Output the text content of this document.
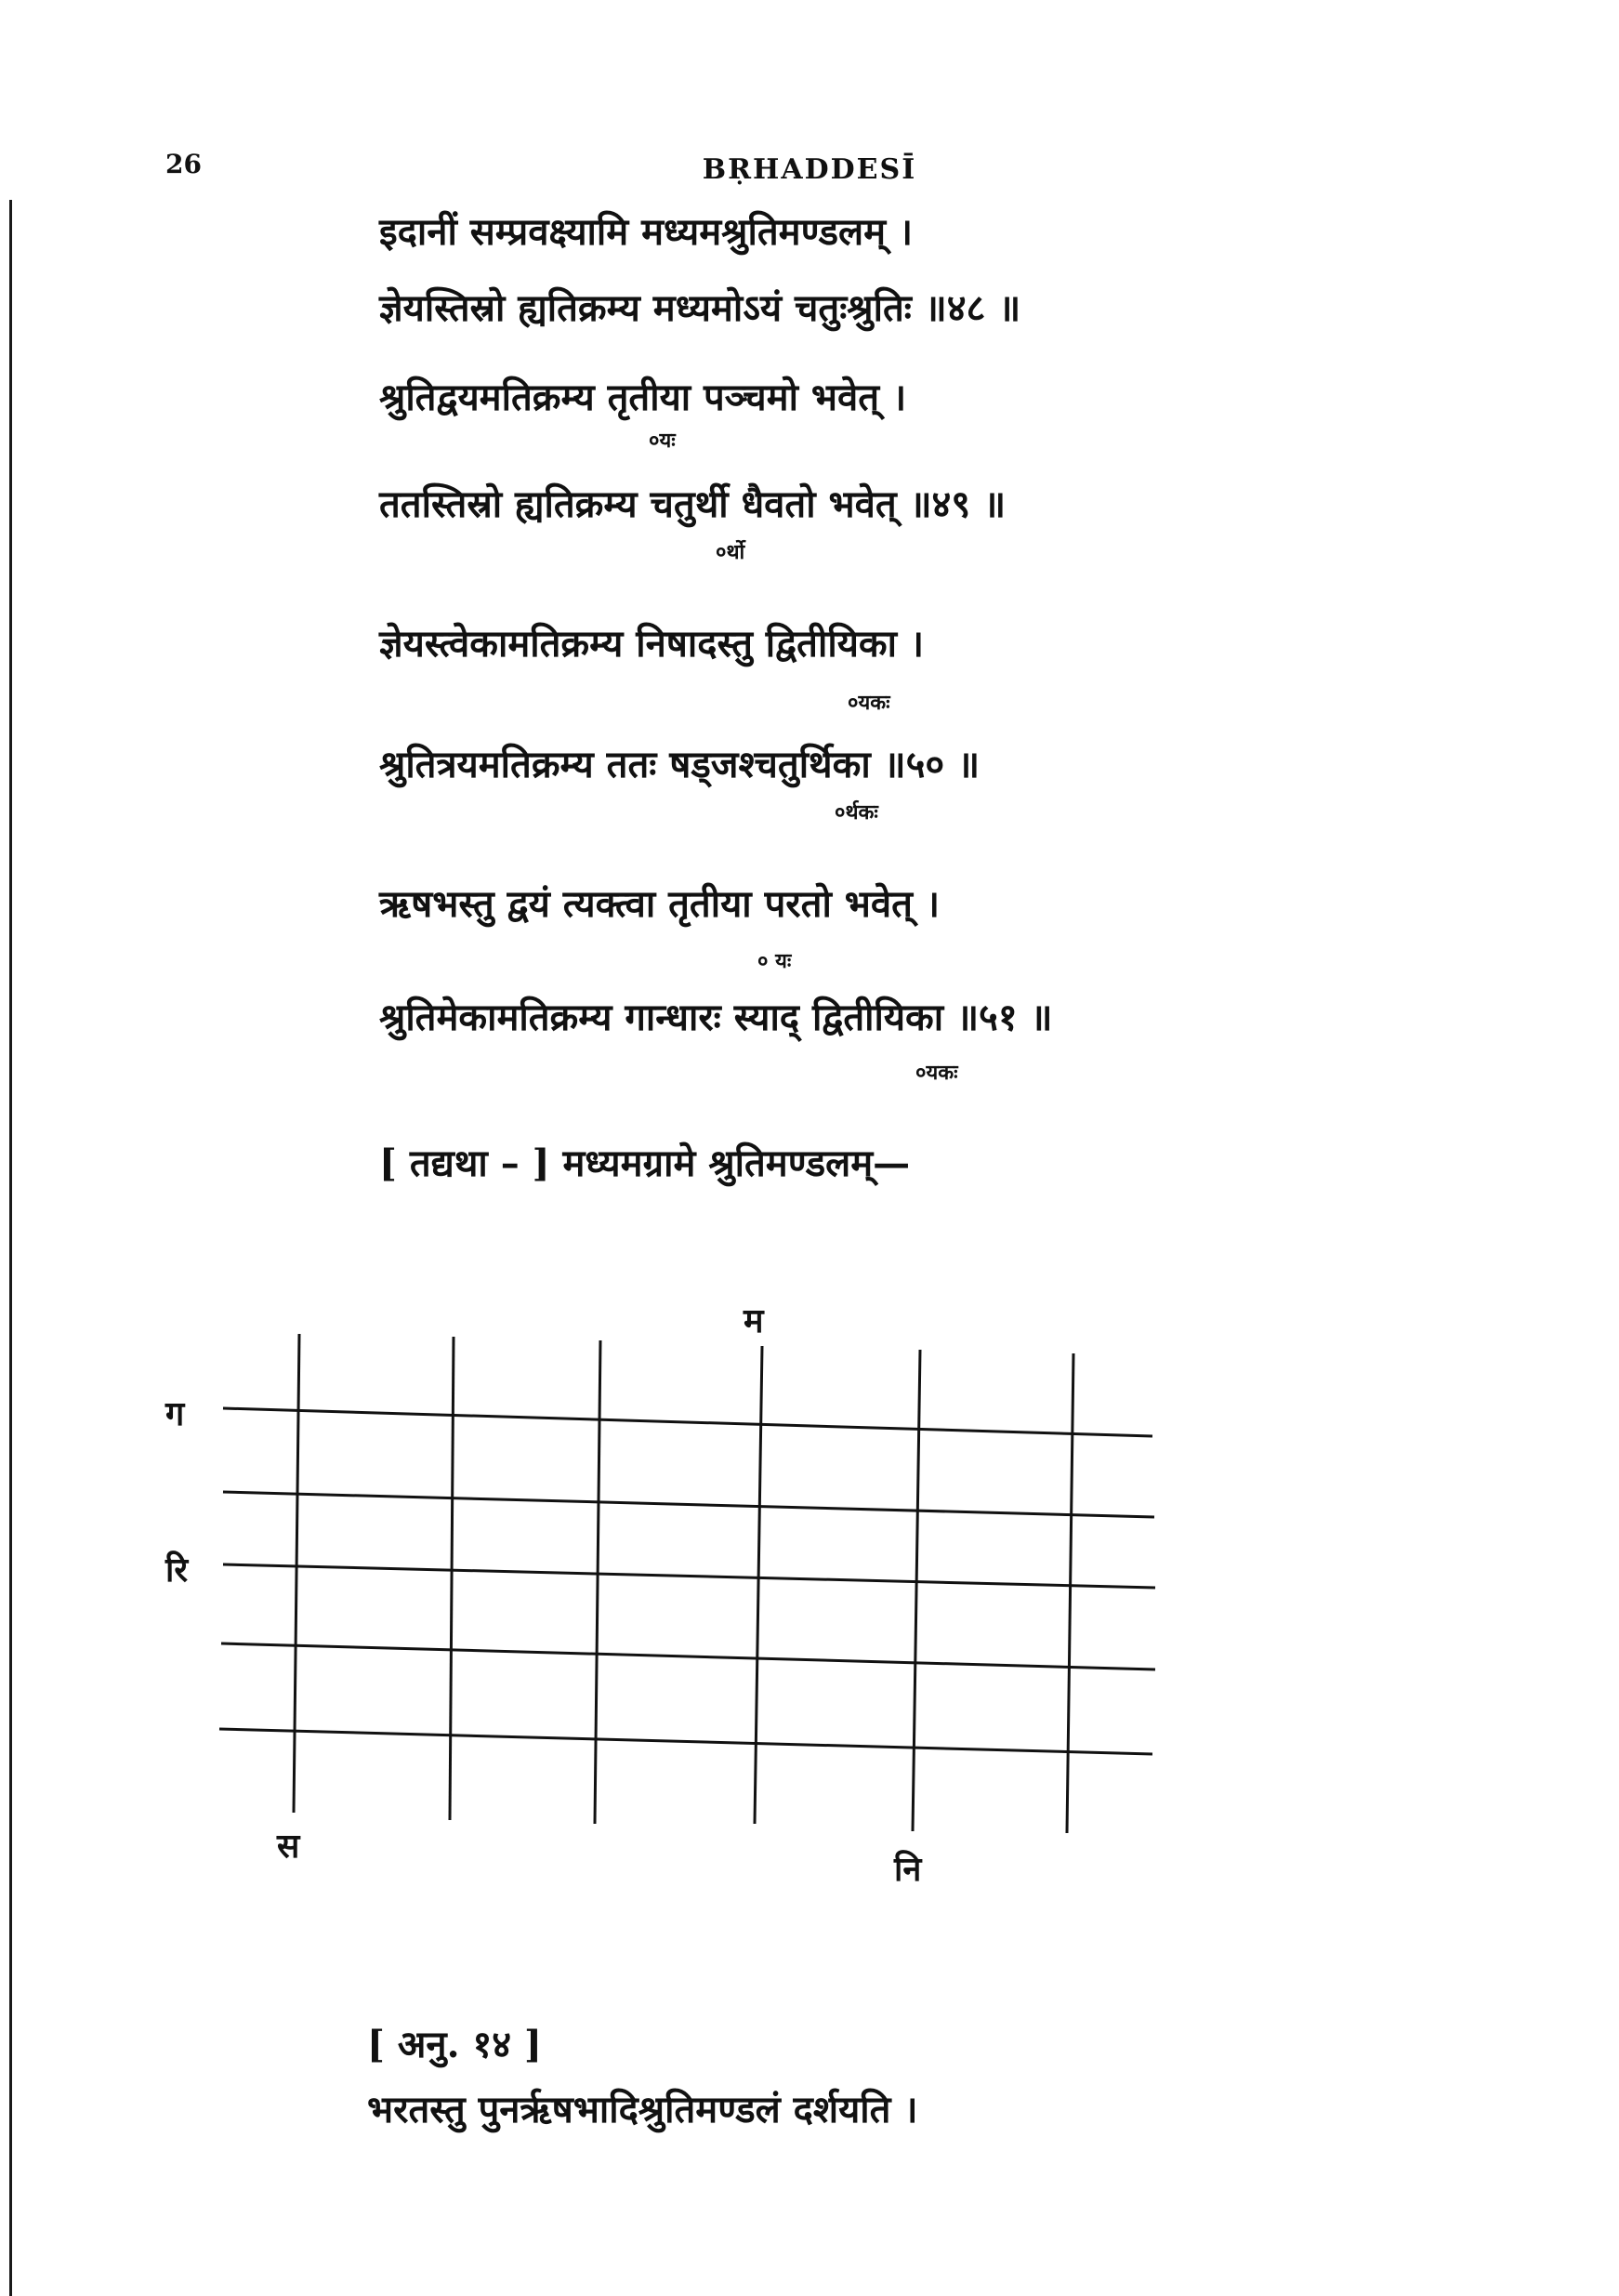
26	BṚHADDESĪ
इदानीं सम्प्रवक्ष्यामि मध्यमश्रुतिमण्डलम् ।
ज्ञेयस्तिस्रो ह्यतिक्रम्य मध्यमोऽयं चतुःश्रुतिः ॥४८ ॥
श्रुतिद्वयमतिक्रम्य तृतीया पञ्चमो भवेत् ।
०यः
ततस्तिस्रो ह्यतिक्रम्य चतुर्थी धैवतो भवेत् ॥४९ ॥
०र्थो
ज्ञेयस्त्वेकामतिक्रम्य निषादस्तु द्वितीयिका ।
०यकः
श्रुतित्रयमतिक्रम्य ततः षड्जश्चतुर्थिका ॥५० ॥
०र्थकः
ऋषभस्तु द्वयं त्यक्त्वा तृतीया परतो भवेत् ।
० यः
श्रुतिमेकामतिक्रम्य गान्धारः स्याद् द्वितीयिका ॥५१ ॥
०यकः
[ तद्यथा – ] मध्यमग्रामे श्रुतिमण्डलम्—
म
ग
रि
स
नि
[ अनु. १४ ]
भरतस्तु पुनर्ऋषभादिश्रुतिमण्डलं दर्शयति ।
